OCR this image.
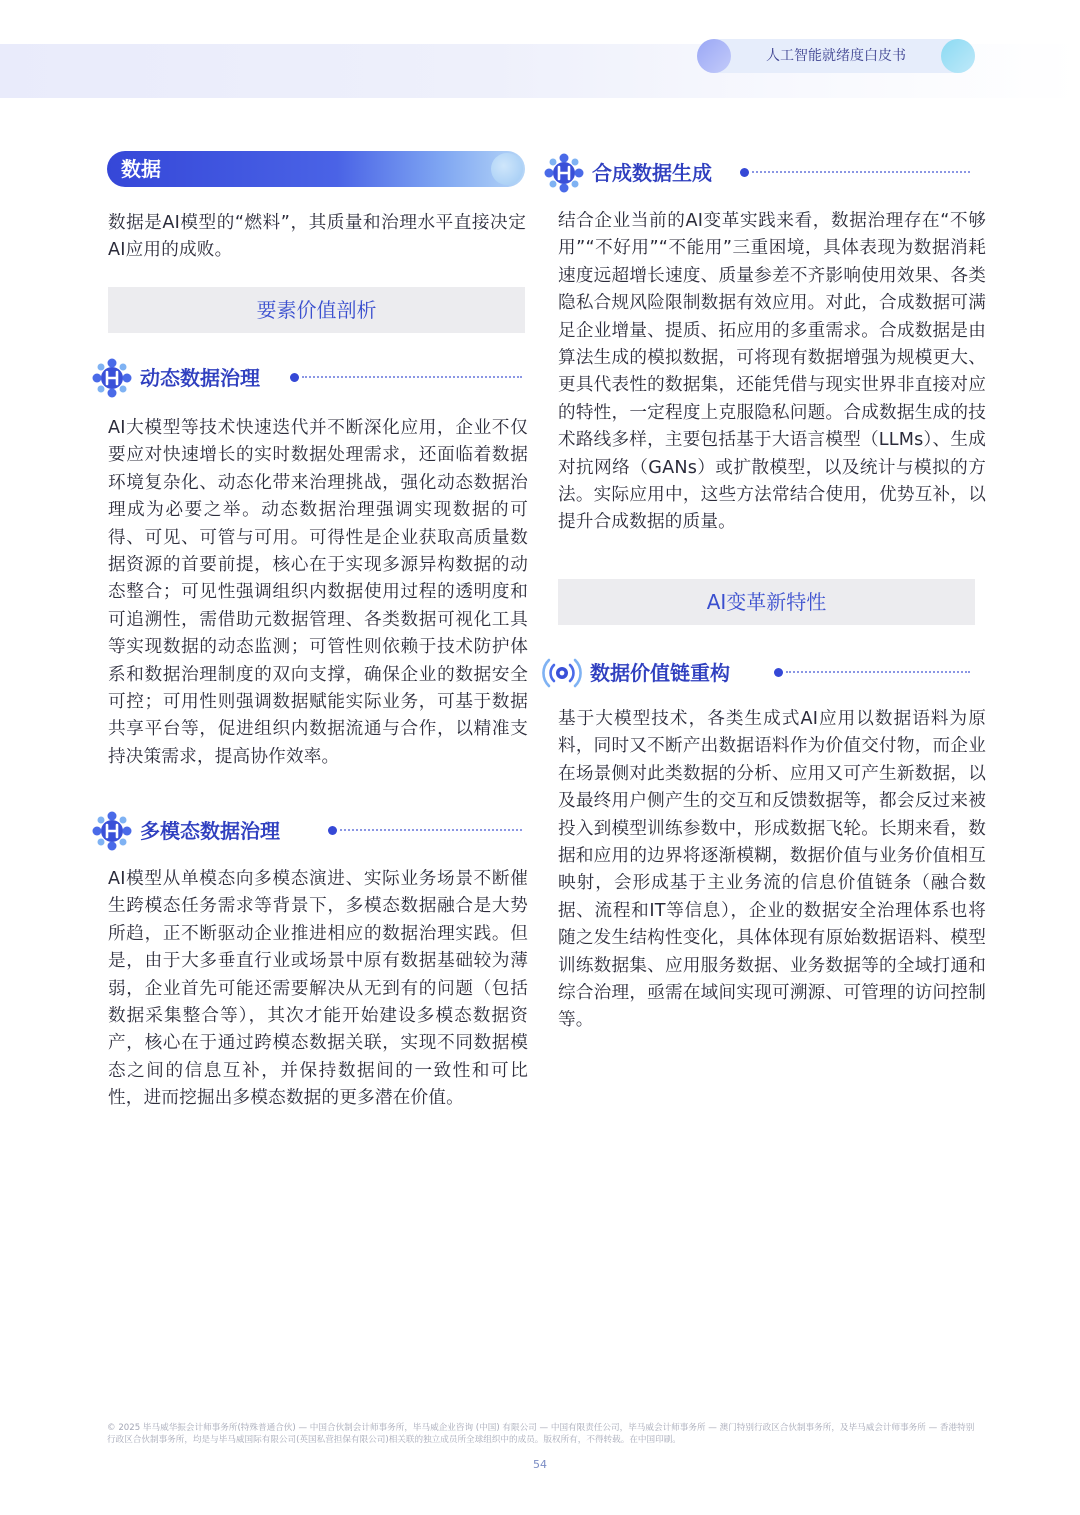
人工智能就绪度白皮书
数据

数据是AI模型的“燃料”，其质量和治理水平直接决定AI应用的成败。

要素价值剖析
动态数据治理

AI大模型等技术快速迭代并不断深化应用，企业不仅要应对快速增长的实时数据处理需求，还面临着数据环境复杂化、动态化带来治理挑战，强化动态数据治理成为必要之举。动态数据治理强调实现数据的可得、可见、可管与可用。可得性是企业获取高质量数据资源的首要前提，核心在于实现多源异构数据的动态整合；可见性强调组织内数据使用过程的透明度和可追溯性，需借助元数据管理、各类数据可视化工具等实现数据的动态监测；可管性则依赖于技术防护体系和数据治理制度的双向支撑，确保企业的数据安全可控；可用性则强调数据赋能实际业务，可基于数据共享平台等，促进组织内数据流通与合作，以精准支持决策需求，提高协作效率。

多模态数据治理

AI模型从单模态向多模态演进、实际业务场景不断催生跨模态任务需求等背景下，多模态数据融合是大势所趋，正不断驱动企业推进相应的数据治理实践。但是，由于大多垂直行业或场景中原有数据基础较为薄弱，企业首先可能还需要解决从无到有的问题（包括数据采集整合等），其次才能开始建设多模态数据资产，核心在于通过跨模态数据关联，实现不同数据模态之间的信息互补，并保持数据间的一致性和可比性，进而挖掘出多模态数据的更多潜在价值。

合成数据生成

结合企业当前的AI变革实践来看，数据治理存在“不够用”“不好用”“不能用”三重困境，具体表现为数据消耗速度远超增长速度、质量参差不齐影响使用效果、各类隐私合规风险限制数据有效应用。对此，合成数据可满足企业增量、提质、拓应用的多重需求。合成数据是由算法生成的模拟数据，可将现有数据增强为规模更大、更具代表性的数据集，还能凭借与现实世界非直接对应的特性，一定程度上克服隐私问题。合成数据生成的技术路线多样，主要包括基于大语言模型（LLMs）、生成对抗网络（GANs）或扩散模型，以及统计与模拟的方法。实际应用中，这些方法常结合使用，优势互补，以提升合成数据的质量。

AI变革新特性
数据价值链重构

基于大模型技术，各类生成式AI应用以数据语料为原料，同时又不断产出数据语料作为价值交付物，而企业在场景侧对此类数据的分析、应用又可产生新数据，以及最终用户侧产生的交互和反馈数据等，都会反过来被投入到模型训练参数中，形成数据飞轮。长期来看，数据和应用的边界将逐渐模糊，数据价值与业务价值相互映射，会形成基于主业务流的信息价值链条（融合数据、流程和IT等信息），企业的数据安全治理体系也将随之发生结构性变化，具体体现有原始数据语料、模型训练数据集、应用服务数据、业务数据等的全域打通和综合治理，亟需在域间实现可溯源、可管理的访问控制等。

© 2025 毕马威华振会计师事务所(特殊普通合伙) — 中国合伙制会计师事务所，毕马威企业咨询 (中国) 有限公司 — 中国有限责任公司，毕马威会计师事务所 — 澳门特别行政区合伙制事务所，及毕马威会计师事务所 — 香港特别行政区合伙制事务所，均是与毕马威国际有限公司(英国私营担保有限公司)相关联的独立成员所全球组织中的成员。版权所有，不得转载。在中国印刷。

54
